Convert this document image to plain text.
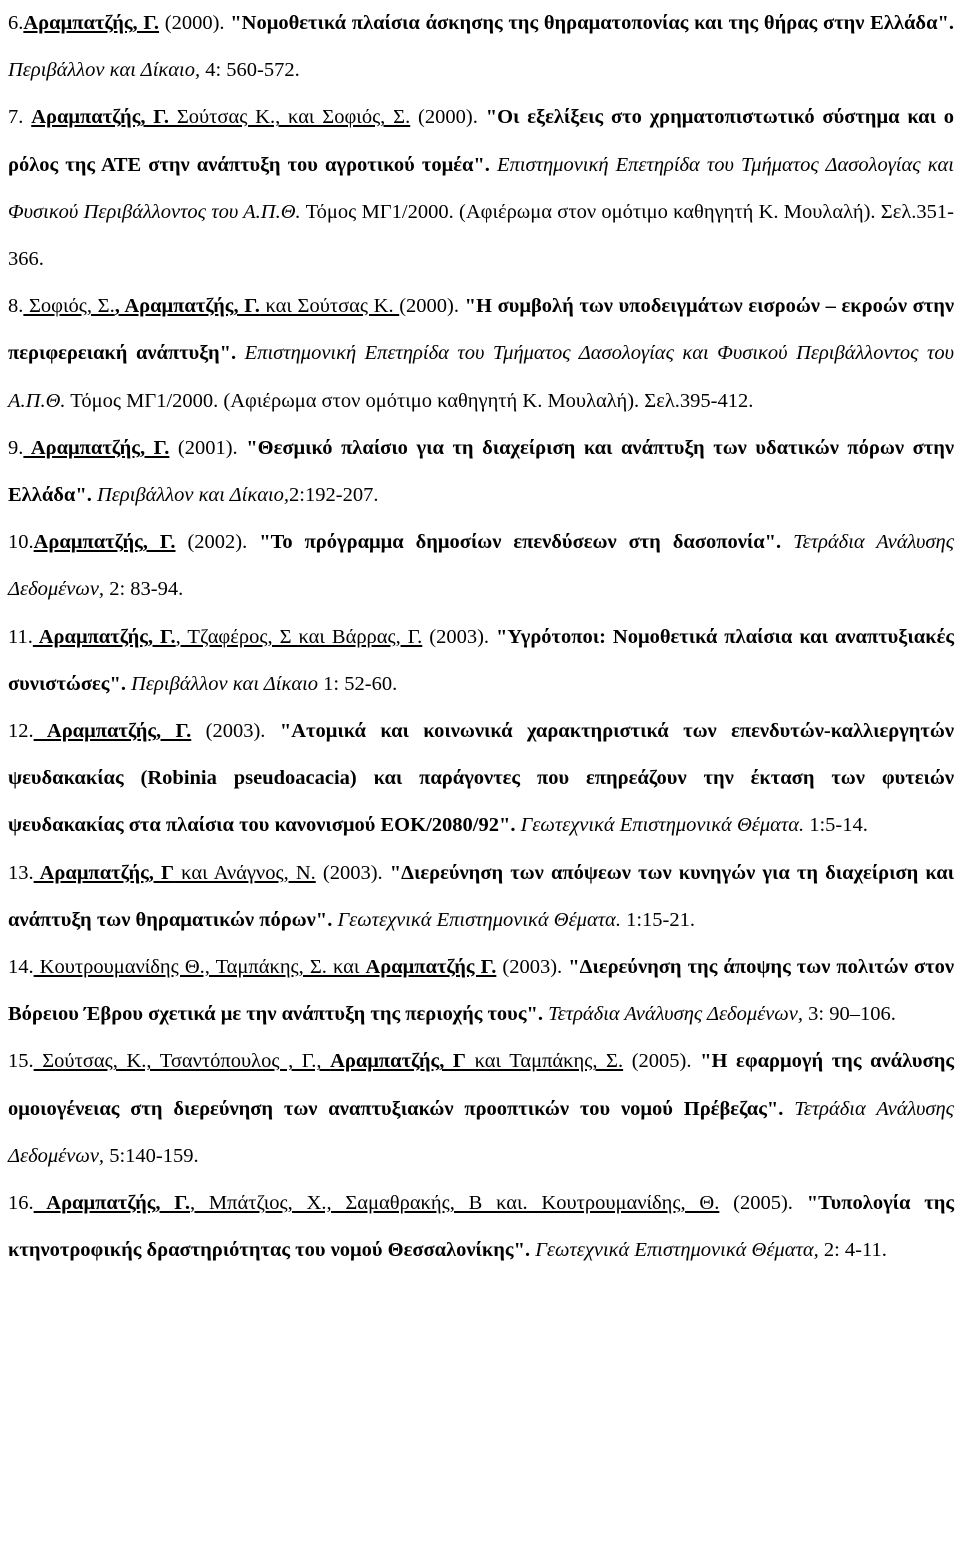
6.Αραμπατζής, Γ. (2000). "Νομοθετικά πλαίσια άσκησης της θηραματοπονίας και της θήρας στην Ελλάδα". Περιβάλλον και Δίκαιο, 4: 560-572.

7. Αραμπατζής, Γ. Σούτσας Κ., και Σοφιός, Σ. (2000). "Οι εξελίξεις στο χρηματοπιστωτικό σύστημα και ο ρόλος της ΑΤΕ στην ανάπτυξη του αγροτικού τομέα". Επιστημονική Επετηρίδα του Τμήματος Δασολογίας και Φυσικού Περιβάλλοντος του Α.Π.Θ. Τόμος ΜΓ1/2000. (Αφιέρωμα στον ομότιμο καθηγητή Κ. Μουλαλή). Σελ.351-366.

8. Σοφιός, Σ., Αραμπατζής, Γ. και Σούτσας Κ. (2000). "Η συμβολή των υποδειγμάτων εισροών – εκροών στην περιφερειακή ανάπτυξη". Επιστημονική Επετηρίδα του Τμήματος Δασολογίας και Φυσικού Περιβάλλοντος του Α.Π.Θ. Τόμος ΜΓ1/2000. (Αφιέρωμα στον ομότιμο καθηγητή Κ. Μουλαλή). Σελ.395-412.

9. Αραμπατζής, Γ. (2001). "Θεσμικό πλαίσιο για τη διαχείριση και ανάπτυξη των υδατικών πόρων στην Ελλάδα". Περιβάλλον και Δίκαιο,2:192-207.

10.Αραμπατζής, Γ. (2002). "Το πρόγραμμα δημοσίων επενδύσεων στη δασοπονία". Τετράδια Ανάλυσης Δεδομένων, 2: 83-94.

11. Αραμπατζής, Γ., Τζαφέρος, Σ και Βάρρας, Γ. (2003). "Υγρότοποι: Νομοθετικά πλαίσια και αναπτυξιακές συνιστώσες". Περιβάλλον και Δίκαιο 1: 52-60.

12. Αραμπατζής, Γ. (2003). "Ατομικά και κοινωνικά χαρακτηριστικά των επενδυτών-καλλιεργητών ψευδακακίας (Robinia pseudoacacia) και παράγοντες που επηρεάζουν την έκταση των φυτειών ψευδακακίας στα πλαίσια του κανονισμού ΕΟΚ/2080/92". Γεωτεχνικά Επιστημονικά Θέματα. 1:5-14.

13. Αραμπατζής, Γ και Ανάγνος, Ν. (2003). "Διερεύνηση των απόψεων των κυνηγών για τη διαχείριση και ανάπτυξη των θηραματικών πόρων". Γεωτεχνικά Επιστημονικά Θέματα. 1:15-21.

14. Κουτρουμανίδης Θ., Ταμπάκης, Σ. και Αραμπατζής Γ. (2003). "Διερεύνηση της άποψης των πολιτών στον Βόρειου Έβρου σχετικά με την ανάπτυξη της περιοχής τους". Τετράδια Ανάλυσης Δεδομένων, 3: 90–106.

15. Σούτσας, Κ., Τσαντόπουλος , Γ., Αραμπατζής, Γ και Ταμπάκης, Σ. (2005). "Η εφαρμογή της ανάλυσης ομοιογένειας στη διερεύνηση των αναπτυξιακών προοπτικών του νομού Πρέβεζας". Τετράδια Ανάλυσης Δεδομένων, 5:140-159.

16. Αραμπατζής, Γ., Μπάτζιος, Χ., Σαμαθρακής, Β και. Κουτρουμανίδης, Θ. (2005). "Τυπολογία της κτηνοτροφικής δραστηριότητας του νομού Θεσσαλονίκης". Γεωτεχνικά Επιστημονικά Θέματα, 2: 4-11.
